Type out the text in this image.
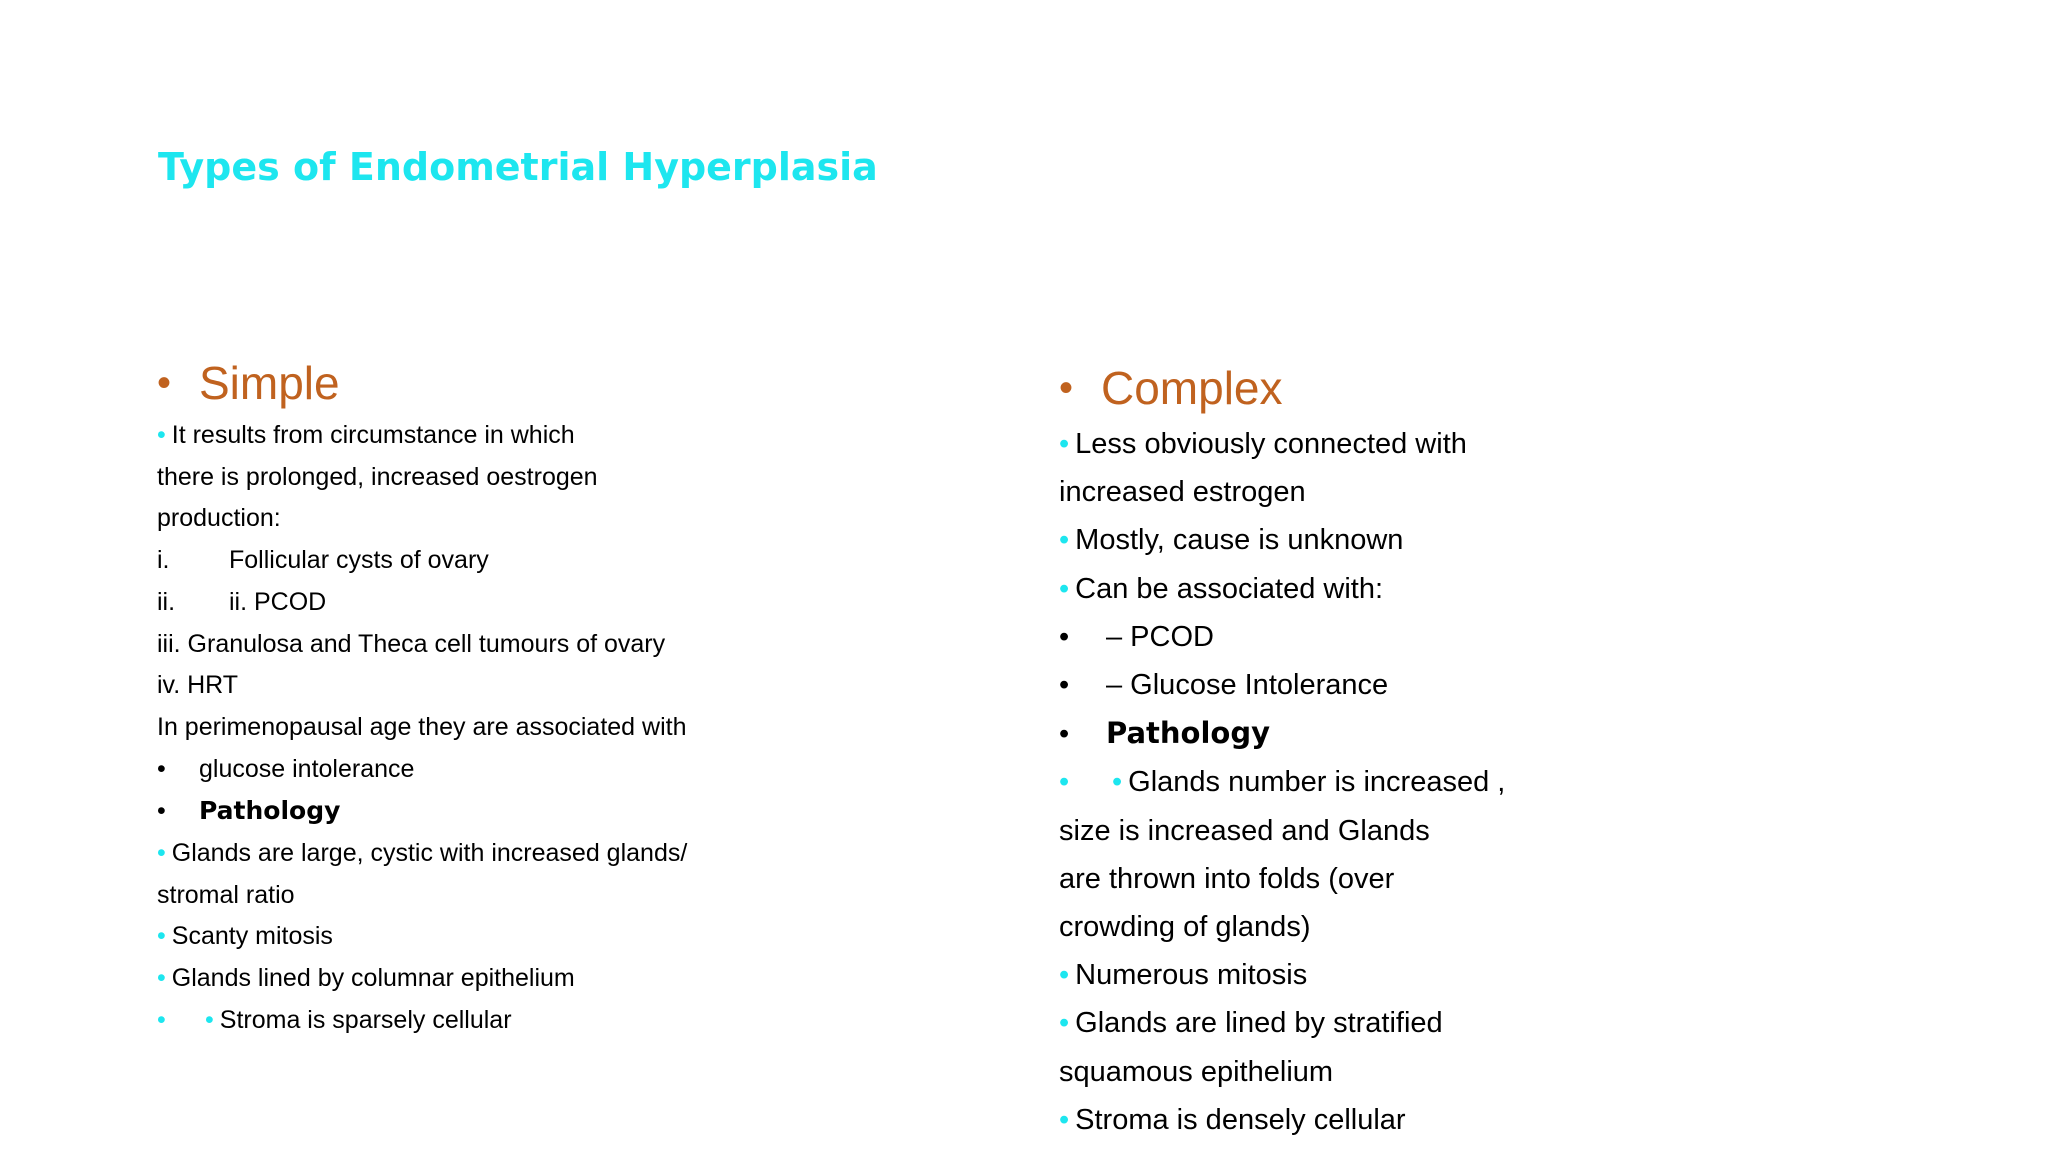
Types of Endometrial Hyperplasia
• Simple
• It results from circumstance in which
there is prolonged, increased oestrogen
production:
i. Follicular cysts of ovary
ii. ii. PCOD
iii. Granulosa and Theca cell tumours of ovary
iv. HRT
In perimenopausal age they are associated with
• glucose intolerance
• Pathology
• Glands are large, cystic with increased glands/
stromal ratio
• Scanty mitosis
• Glands lined by columnar epithelium
• • Stroma is sparsely cellular
• Complex
• Less obviously connected with
increased estrogen
• Mostly, cause is unknown
• Can be associated with:
• – PCOD
• – Glucose Intolerance
• Pathology
• • Glands number is increased ,
size is increased and Glands
are thrown into folds (over
crowding of glands)
• Numerous mitosis
• Glands are lined by stratified
squamous epithelium
• Stroma is densely cellular
